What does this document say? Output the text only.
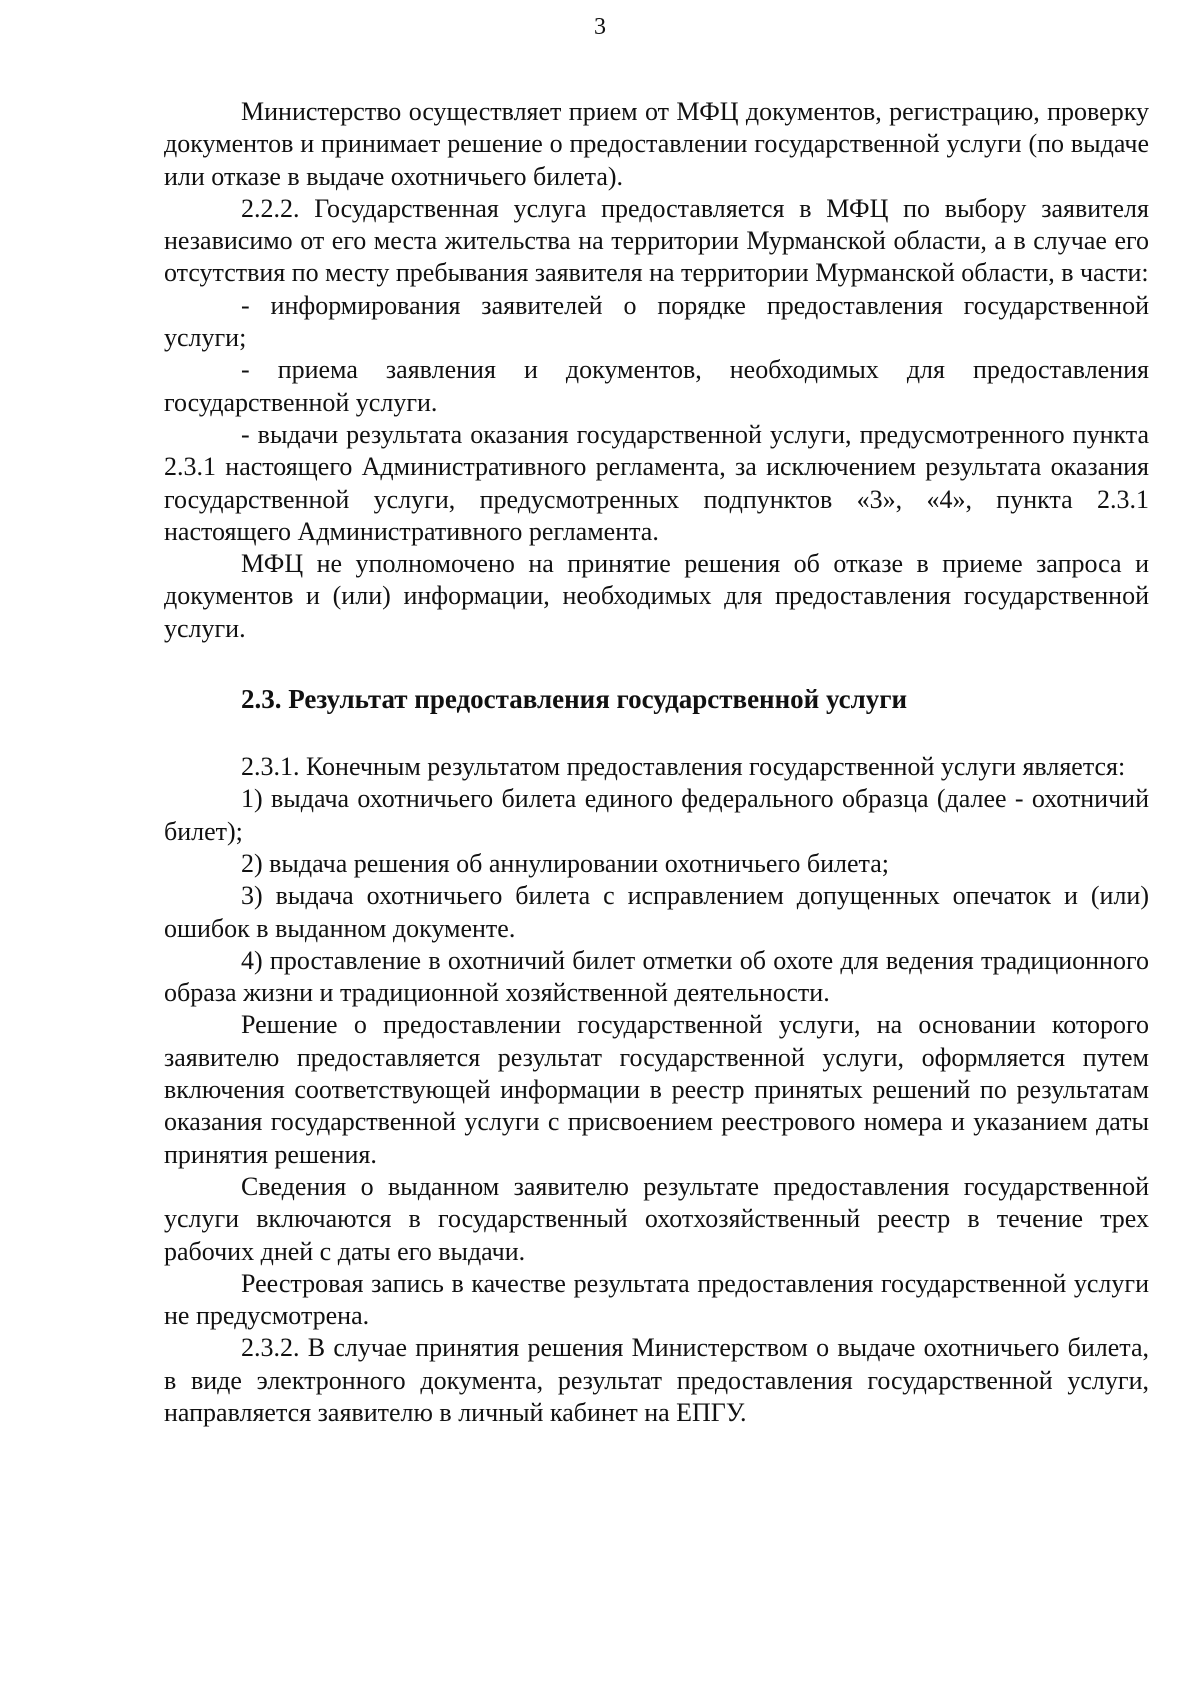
3

Министерство осуществляет прием от МФЦ документов, регистрацию, проверку документов и принимает решение о предоставлении государственной услуги (по выдаче или отказе в выдаче охотничьего билета).

2.2.2. Государственная услуга предоставляется в МФЦ по выбору заявителя независимо от его места жительства на территории Мурманской области, а в случае его отсутствия по месту пребывания заявителя на территории Мурманской области, в части:

- информирования заявителей о порядке предоставления государственной услуги;

- приема заявления и документов, необходимых для предоставления государственной услуги.

- выдачи результата оказания государственной услуги, предусмотренного пункта 2.3.1 настоящего Административного регламента, за исключением результата оказания государственной услуги, предусмотренных подпунктов «3», «4», пункта 2.3.1 настоящего Административного регламента.

МФЦ не уполномочено на принятие решения об отказе в приеме запроса и документов и (или) информации, необходимых для предоставления государственной услуги.

2.3. Результат предоставления государственной услуги

2.3.1. Конечным результатом предоставления государственной услуги является:

1) выдача охотничьего билета единого федерального образца (далее - охотничий билет);

2) выдача решения об аннулировании охотничьего билета;

3) выдача охотничьего билета с исправлением допущенных опечаток и (или) ошибок в выданном документе.

4) проставление в охотничий билет отметки об охоте для ведения традиционного образа жизни и традиционной хозяйственной деятельности.

Решение о предоставлении государственной услуги, на основании которого заявителю предоставляется результат государственной услуги, оформляется путем включения соответствующей информации в реестр принятых решений по результатам оказания государственной услуги с присвоением реестрового номера и указанием даты принятия решения.

Сведения о выданном заявителю результате предоставления государственной услуги включаются в государственный охотхозяйственный реестр в течение трех рабочих дней с даты его выдачи.

Реестровая запись в качестве результата предоставления государственной услуги не предусмотрена.

2.3.2. В случае принятия решения Министерством о выдаче охотничьего билета, в виде электронного документа, результат предоставления государственной услуги, направляется заявителю в личный кабинет на ЕПГУ.
